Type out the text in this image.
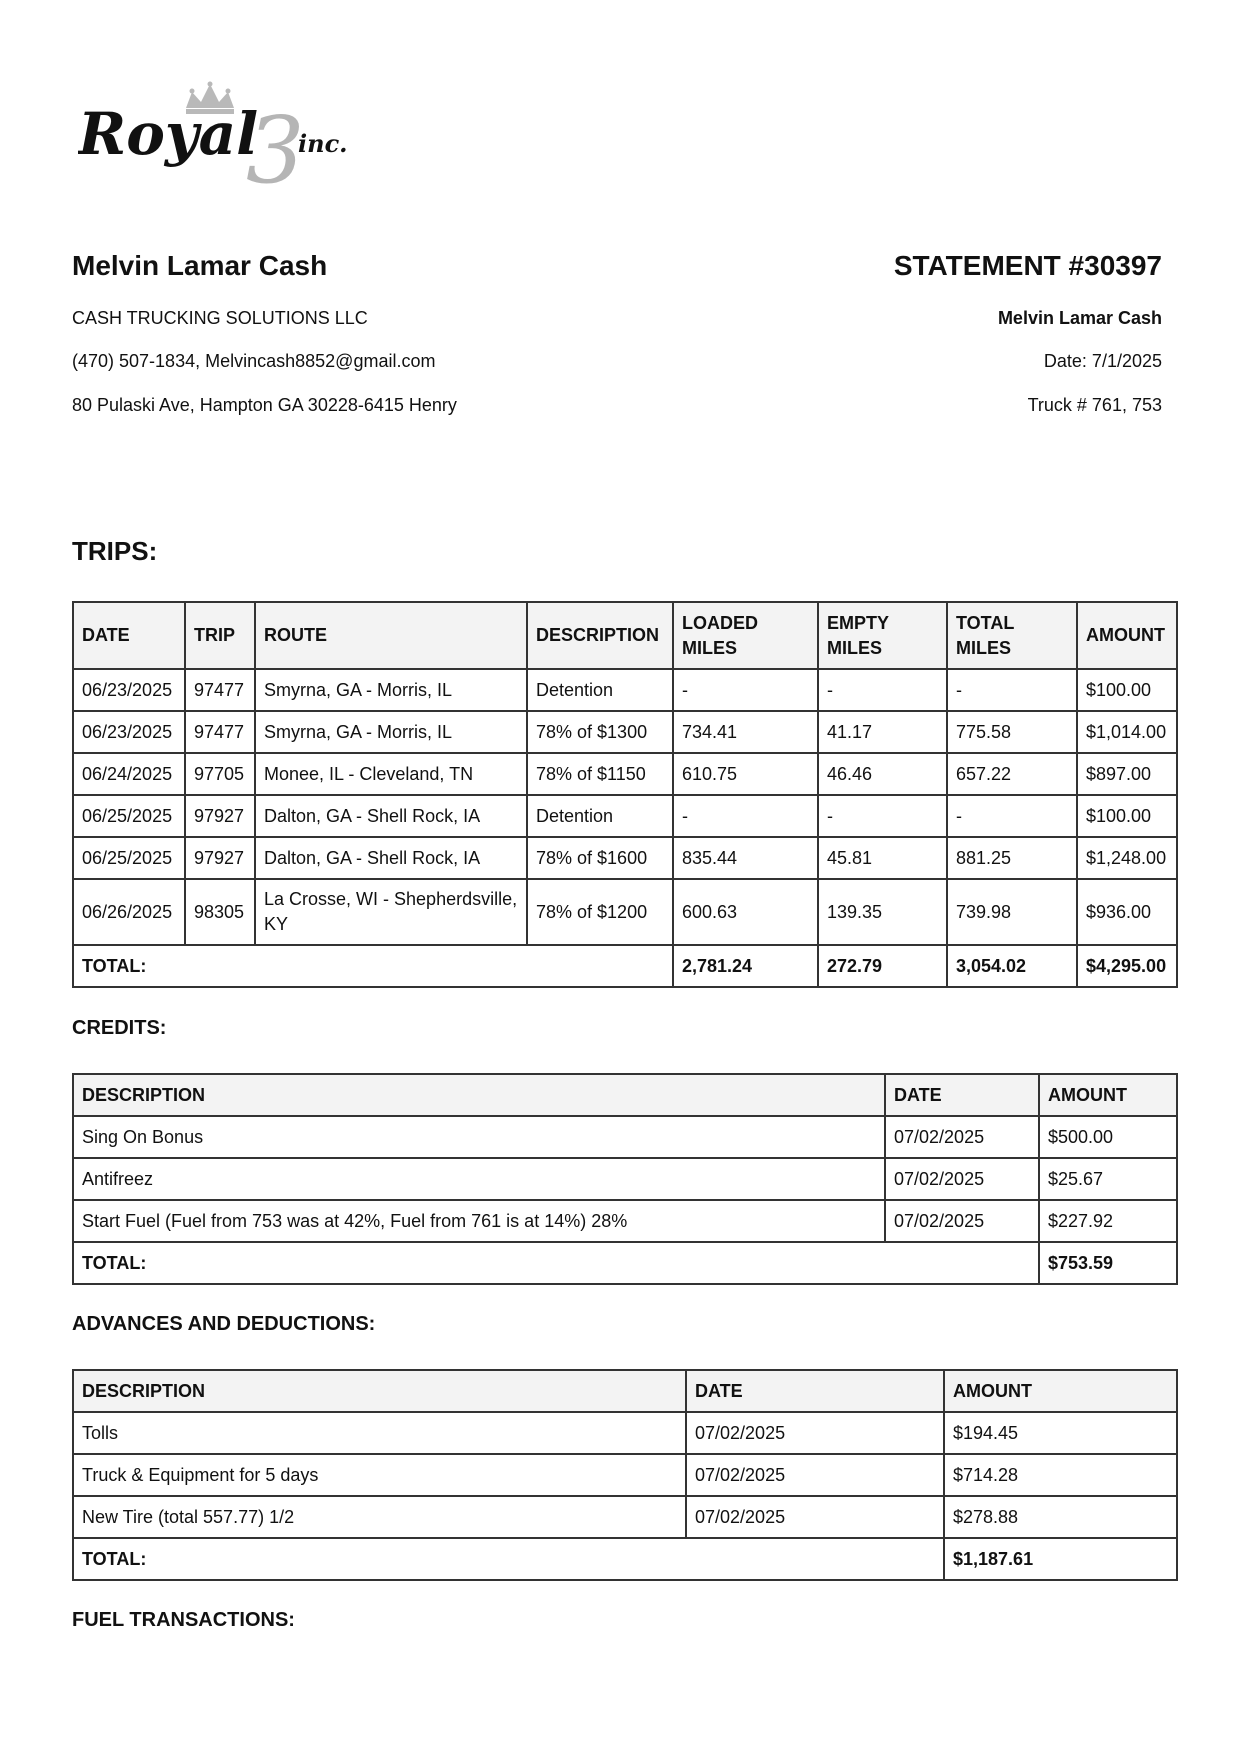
3
Royal inc.
Melvin Lamar Cash	STATEMENT #30397
CASH TRUCKING SOLUTIONS LLC
(470) 507-1834, Melvincash8852@gmail.com
80 Pulaski Ave, Hampton GA 30228-6415 Henry
Melvin Lamar Cash
Date: 7/1/2025
Truck # 761, 753
TRIPS:
DATE	TRIP	ROUTE	DESCRIPTION	LOADED MILES	EMPTY MILES	TOTAL MILES	AMOUNT
06/23/2025	97477	Smyrna, GA - Morris, IL	Detention	-	-	-	$100.00
06/23/2025	97477	Smyrna, GA - Morris, IL	78% of $1300	734.41	41.17	775.58	$1,014.00
06/24/2025	97705	Monee, IL - Cleveland, TN	78% of $1150	610.75	46.46	657.22	$897.00
06/25/2025	97927	Dalton, GA - Shell Rock, IA	Detention	-	-	-	$100.00
06/25/2025	97927	Dalton, GA - Shell Rock, IA	78% of $1600	835.44	45.81	881.25	$1,248.00
06/26/2025	98305	La Crosse, WI - Shepherdsville, KY	78% of $1200	600.63	139.35	739.98	$936.00
TOTAL:				2,781.24	272.79	3,054.02	$4,295.00
CREDITS:
DESCRIPTION	DATE	AMOUNT
Sing On Bonus	07/02/2025	$500.00
Antifreez	07/02/2025	$25.67
Start Fuel (Fuel from 753 was at 42%, Fuel from 761 is at 14%) 28%	07/02/2025	$227.92
TOTAL:		$753.59
ADVANCES AND DEDUCTIONS:
DESCRIPTION	DATE	AMOUNT
Tolls	07/02/2025	$194.45
Truck & Equipment for 5 days	07/02/2025	$714.28
New Tire (total 557.77) 1/2	07/02/2025	$278.88
TOTAL:		$1,187.61
FUEL TRANSACTIONS:
